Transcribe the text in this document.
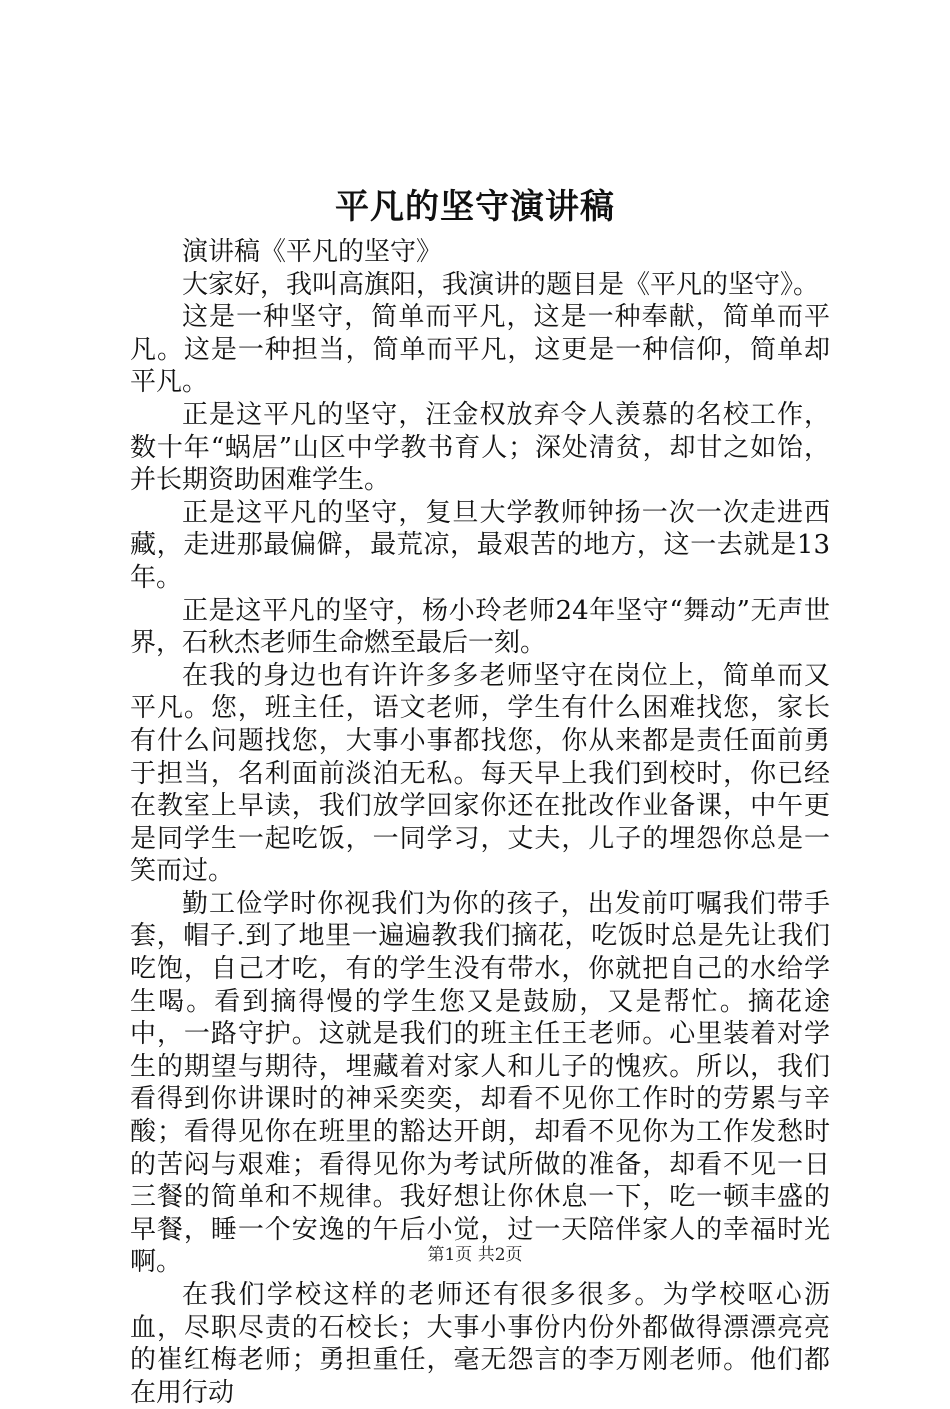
平凡的坚守演讲稿

演讲稿《平凡的坚守》

大家好，我叫高旗阳，我演讲的题目是《平凡的坚守》。

这是一种坚守，简单而平凡，这是一种奉献，简单而平凡。这是一种担当，简单而平凡，这更是一种信仰，简单却平凡。

正是这平凡的坚守，汪金权放弃令人羡慕的名校工作，数十年“蜗居”山区中学教书育人；深处清贫，却甘之如饴，并长期资助困难学生。

正是这平凡的坚守，复旦大学教师钟扬一次一次走进西藏，走进那最偏僻，最荒凉，最艰苦的地方，这一去就是13年。

正是这平凡的坚守，杨小玲老师24年坚守“舞动”无声世界，石秋杰老师生命燃至最后一刻。

在我的身边也有许许多多老师坚守在岗位上，简单而又平凡。您，班主任，语文老师，学生有什么困难找您，家长有什么问题找您，大事小事都找您，你从来都是责任面前勇于担当，名利面前淡泊无私。每天早上我们到校时，你已经在教室上早读，我们放学回家你还在批改作业备课，中午更是同学生一起吃饭，一同学习，丈夫，儿子的埋怨你总是一笑而过。

勤工俭学时你视我们为你的孩子，出发前叮嘱我们带手套，帽子.到了地里一遍遍教我们摘花，吃饭时总是先让我们吃饱，自己才吃，有的学生没有带水，你就把自己的水给学生喝。看到摘得慢的学生您又是鼓励，又是帮忙。摘花途中，一路守护。这就是我们的班主任王老师。心里装着对学生的期望与期待，埋藏着对家人和儿子的愧疚。所以，我们看得到你讲课时的神采奕奕，却看不见你工作时的劳累与辛酸；看得见你在班里的豁达开朗，却看不见你为工作发愁时的苦闷与艰难；看得见你为考试所做的准备，却看不见一日三餐的简单和不规律。我好想让你休息一下，吃一顿丰盛的早餐，睡一个安逸的午后小觉，过一天陪伴家人的幸福时光啊。

在我们学校这样的老师还有很多很多。为学校呕心沥血，尽职尽责的石校长；大事小事份内份外都做得漂漂亮亮的崔红梅老师；勇担重任，毫无怨言的李万刚老师。他们都在用行动

第1页 共2页
